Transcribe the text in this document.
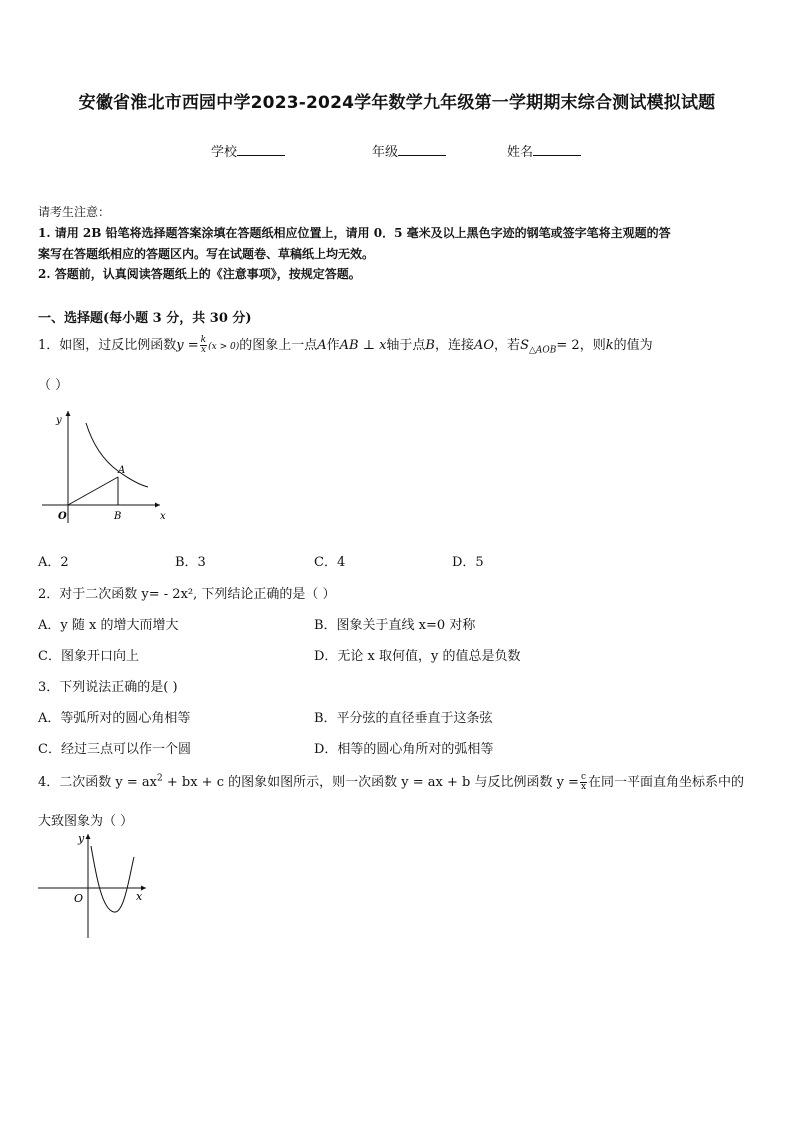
安徽省淮北市西园中学2023-2024学年数学九年级第一学期期末综合测试模拟试题
学校	年级	姓名
请考生注意：
1. 请用 2B 铅笔将选择题答案涂填在答题纸相应位置上，请用 0．5 毫米及以上黑色字迹的钢笔或签字笔将主观题的答
案写在答题纸相应的答题区内。写在试题卷、草稿纸上均无效。
2. 答题前，认真阅读答题纸上的《注意事项》，按规定答题。
一、选择题(每小题 3 分，共 30 分)
1．如图，过反比例函数$y = \frac{k}{x} (x > 0)$的图象上一点A作AB ⊥ x轴于点B，连接AO，若$S_{\triangle AOB}= 2$，则k的值为
（ ）
y
x
O
A
B
A．2	B．3	C．4	D．5
2．对于二次函数 y= - 2x², 下列结论正确的是（ ）
A．y 随 x 的增大而增大	B．图象关于直线 x=0 对称
C．图象开口向上	D．无论 x 取何值，y 的值总是负数
3．下列说法正确的是( )
A．等弧所对的圆心角相等	B．平分弦的直径垂直于这条弦
C．经过三点可以作一个圆	D．相等的圆心角所对的弧相等
4．二次函数 $y = ax^2$ + bx + c 的图象如图所示，则一次函数 y = ax + b 与反比例函数 $y = \frac{c}{x}$ 在同一平面直角坐标系中的
大致图象为（ ）
y
x
O
